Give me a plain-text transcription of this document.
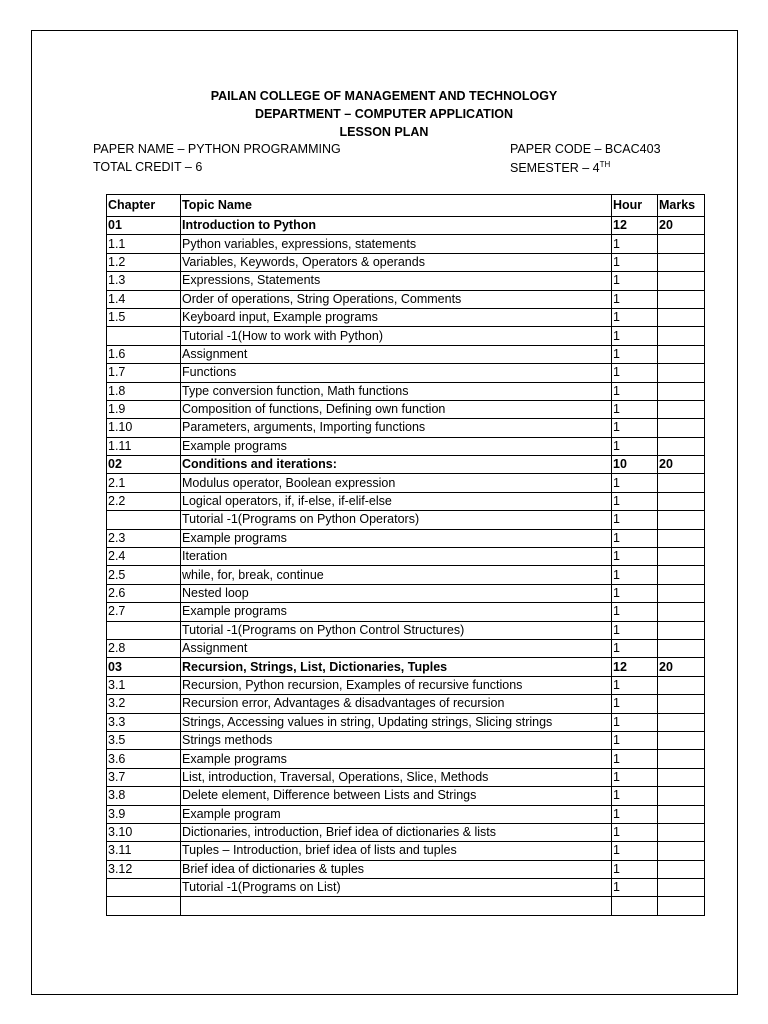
PAILAN COLLEGE OF MANAGEMENT AND TECHNOLOGY
DEPARTMENT – COMPUTER APPLICATION
LESSON PLAN
PAPER NAME – PYTHON PROGRAMMING	PAPER CODE – BCAC403
TOTAL CREDIT – 6	SEMESTER – 4TH
Chapter	Topic Name	Hour	Marks
01	Introduction to Python	12	20
1.1	Python variables, expressions, statements	1	
1.2	Variables, Keywords, Operators & operands	1	
1.3	Expressions, Statements	1	
1.4	Order of operations, String Operations, Comments	1	
1.5	Keyboard input, Example programs	1	
	Tutorial -1(How to work with Python)	1	
1.6	Assignment	1	
1.7	Functions	1	
1.8	Type conversion function, Math functions	1	
1.9	Composition of functions, Defining own function	1	
1.10	Parameters, arguments, Importing functions	1	
1.11	Example programs	1	
02	Conditions and iterations:	10	20
2.1	Modulus operator, Boolean expression	1	
2.2	Logical operators, if, if-else, if-elif-else	1	
	Tutorial -1(Programs on Python Operators)	1	
2.3	Example programs	1	
2.4	Iteration	1	
2.5	while, for, break, continue	1	
2.6	Nested loop	1	
2.7	Example programs	1	
	Tutorial -1(Programs on Python Control Structures)	1	
2.8	Assignment	1	
03	Recursion, Strings, List, Dictionaries, Tuples	12	20
3.1	Recursion, Python recursion, Examples of recursive functions	1	
3.2	Recursion error, Advantages & disadvantages of recursion	1	
3.3	Strings, Accessing values in string, Updating strings, Slicing strings	1	
3.5	Strings methods	1	
3.6	Example programs	1	
3.7	List, introduction, Traversal, Operations, Slice, Methods	1	
3.8	Delete element, Difference between Lists and Strings	1	
3.9	Example program	1	
3.10	Dictionaries, introduction, Brief idea of dictionaries & lists	1	
3.11	Tuples – Introduction, brief idea of lists and tuples	1	
3.12	Brief idea of dictionaries & tuples	1	
	Tutorial -1(Programs on List)	1	
